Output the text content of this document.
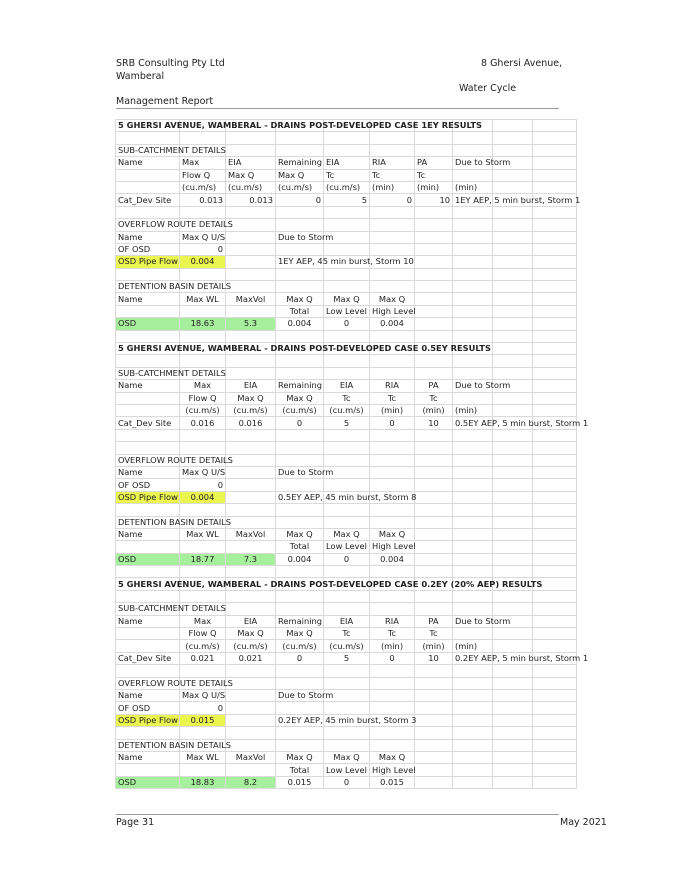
SRB Consulting Pty Ltd
Wamberal
8 Ghersi Avenue,
Water Cycle
Management Report
5 GHERSI AVENUE, WAMBERAL - DRAINS POST-DEVELOPED CASE 1EY RESULTS									

SUB-CATCHMENT DETAILS									
Name	Max	EIA	Remaining	EIA	RIA	PA	Due to Storm		
	Flow Q	Max Q	Max Q	Tc	Tc	Tc			
	(cu.m/s)	(cu.m/s)	(cu.m/s)	(cu.m/s)	(min)	(min)	(min)		
Cat_Dev Site	0.013	0.013	0	5	0	10	1EY AEP, 5 min burst, Storm 1		

OVERFLOW ROUTE DETAILS									
Name	Max Q U/S		Due to Storm						
OF OSD	0								
OSD Pipe Flow	0.004		1EY AEP, 45 min burst, Storm 10						

DETENTION BASIN DETAILS									
Name	Max WL	MaxVol	Max Q	Max Q	Max Q				
			Total	Low Level	High Level				
OSD	18.63	5.3	0.004	0	0.004				

5 GHERSI AVENUE, WAMBERAL - DRAINS POST-DEVELOPED CASE 0.5EY RESULTS									

SUB-CATCHMENT DETAILS									
Name	Max	EIA	Remaining	EIA	RIA	PA	Due to Storm		
	Flow Q	Max Q	Max Q	Tc	Tc	Tc			
	(cu.m/s)	(cu.m/s)	(cu.m/s)	(cu.m/s)	(min)	(min)	(min)		
Cat_Dev Site	0.016	0.016	0	5	0	10	0.5EY AEP, 5 min burst, Storm 1		

OVERFLOW ROUTE DETAILS									
Name	Max Q U/S		Due to Storm						
OF OSD	0								
OSD Pipe Flow	0.004		0.5EY AEP, 45 min burst, Storm 8						

DETENTION BASIN DETAILS									
Name	Max WL	MaxVol	Max Q	Max Q	Max Q				
			Total	Low Level	High Level				
OSD	18.77	7.3	0.004	0	0.004				

5 GHERSI AVENUE, WAMBERAL - DRAINS POST-DEVELOPED CASE 0.2EY (20% AEP) RESULTS									

SUB-CATCHMENT DETAILS									
Name	Max	EIA	Remaining	EIA	RIA	PA	Due to Storm		
	Flow Q	Max Q	Max Q	Tc	Tc	Tc			
	(cu.m/s)	(cu.m/s)	(cu.m/s)	(cu.m/s)	(min)	(min)	(min)		
Cat_Dev Site	0.021	0.021	0	5	0	10	0.2EY AEP, 5 min burst, Storm 1		

OVERFLOW ROUTE DETAILS									
Name	Max Q U/S		Due to Storm						
OF OSD	0								
OSD Pipe Flow	0.015		0.2EY AEP, 45 min burst, Storm 3						

DETENTION BASIN DETAILS									
Name	Max WL	MaxVol	Max Q	Max Q	Max Q				
			Total	Low Level	High Level				
OSD	18.83	8.2	0.015	0	0.015				
Page 31	May 2021
